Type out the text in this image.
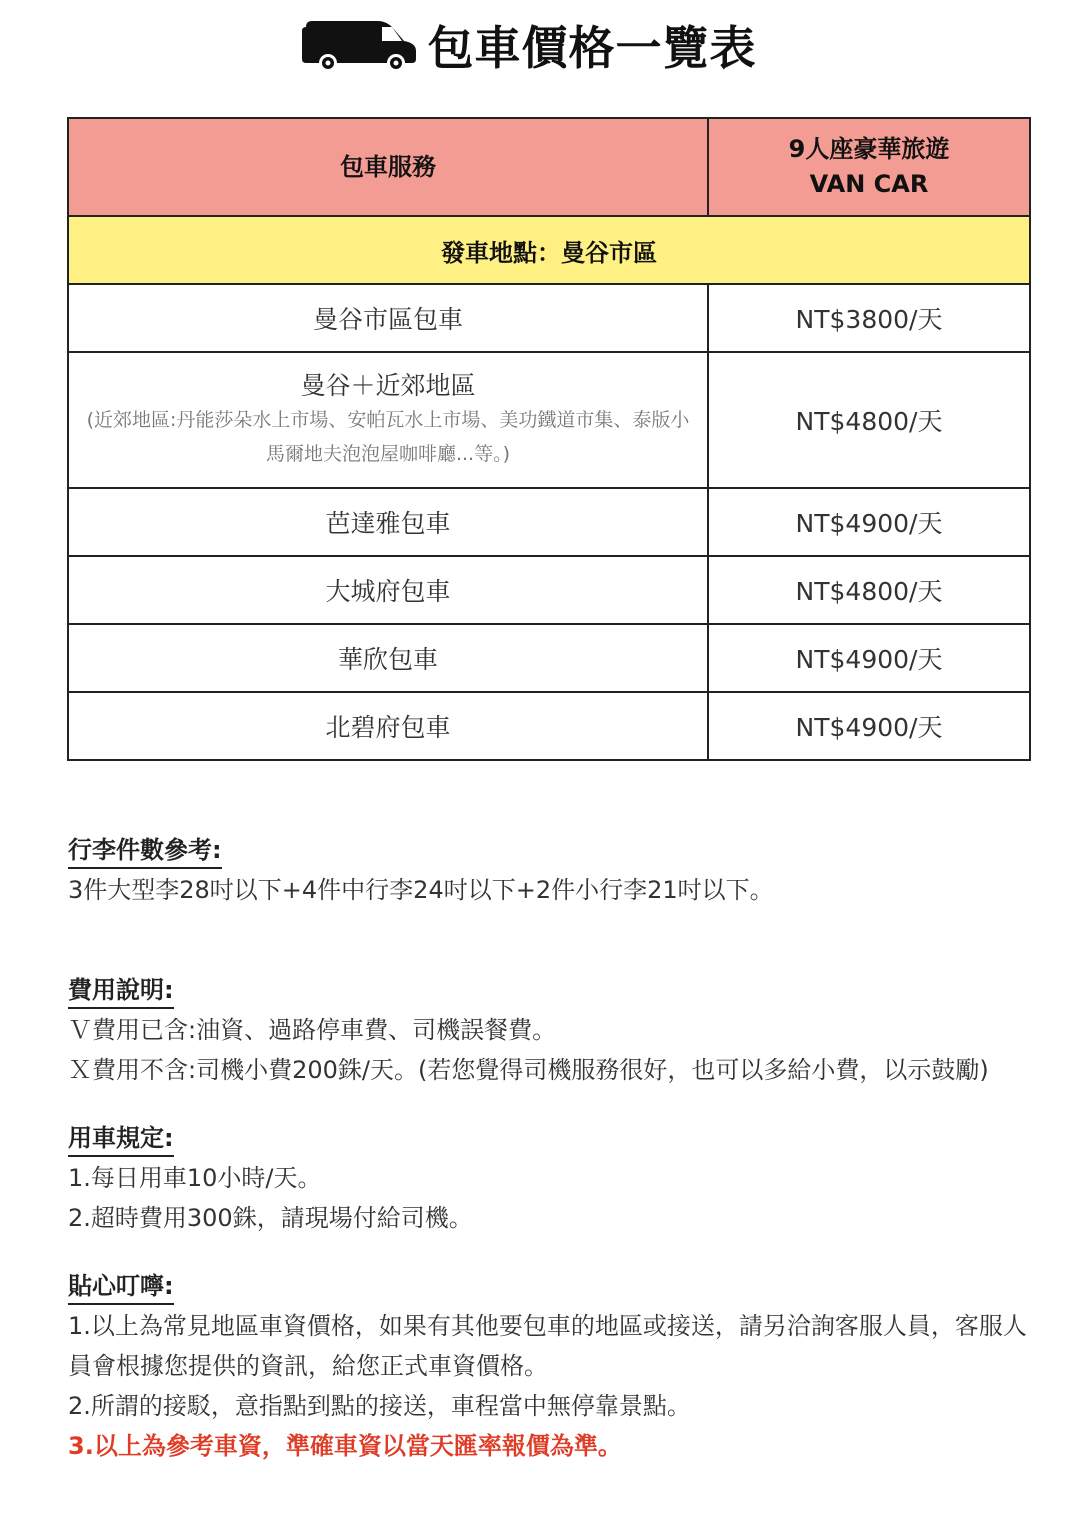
包車價格一覽表
包車服務	9人座豪華旅遊
VAN CAR

發車地點：曼谷市區	
曼谷市區包車	NT$3800/天

曼谷＋近郊地區
(近郊地區:丹能莎朵水上市場、安帕瓦水上市場、美功鐵道市集、泰版小馬爾地夫泡泡屋咖啡廳...等。)	NT$4800/天
芭達雅包車	NT$4900/天
大城府包車	NT$4800/天
華欣包車	NT$4900/天
北碧府包車	NT$4900/天
行李件數參考:

3件大型李28吋以下+4件中行李24吋以下+2件小行李21吋以下。

費用說明:

Ｖ費用已含:油資、過路停車費、司機誤餐費。

Ｘ費用不含:司機小費200銖/天。(若您覺得司機服務很好，也可以多給小費，以示鼓勵)

用車規定:

1.每日用車10小時/天。

2.超時費用300銖，請現場付給司機。

貼心叮嚀:

1.以上為常見地區車資價格，如果有其他要包車的地區或接送，請另洽詢客服人員，客服人員會根據您提供的資訊，給您正式車資價格。

2.所謂的接駁，意指點到點的接送，車程當中無停靠景點。

3.以上為參考車資，準確車資以當天匯率報價為準。
